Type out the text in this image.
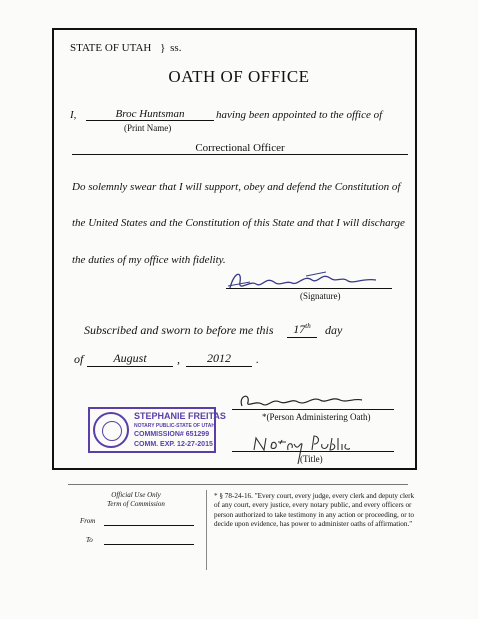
STATE OF UTAH } ss.
OATH OF OFFICE
I,	Broc Huntsman
(Print Name)
having been appointed to the office of
Correctional Officer
Do solemnly swear that I will support, obey and defend the Constitution of
the United States and the Constitution of this State and that I will discharge
the duties of my office with fidelity.
(Signature)
Subscribed and sworn to before me this	17th	day
of	August	,	2012	.
STEPHANIE FREITAS
NOTARY PUBLIC-STATE OF UTAH
COMMISSION# 651299
COMM. EXP. 12-27-2015
*(Person Administering Oath)
(Title)
Official Use Only
Term of Commission
From
To
* § 78-24-16. "Every court, every judge, every clerk and deputy clerk of any court, every justice, every notary public, and every officers or person authorized to take testimony in any action or proceeding, or to decide upon evidence, has power to administer oaths of affirmation."
